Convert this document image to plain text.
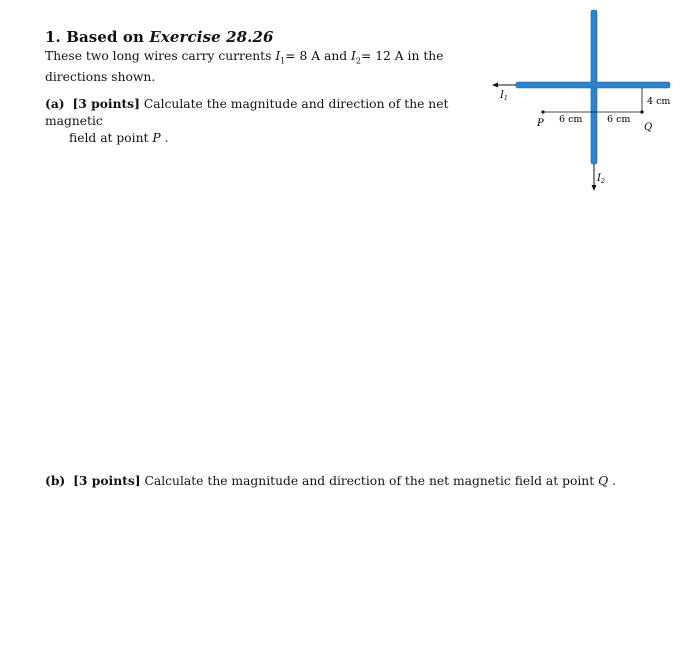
1. Based on Exercise 28.26
These two long wires carry currents $I_1= 8$ A and $I_2= 12$ A in the directions shown.
(a) [3 points] Calculate the magnitude and direction of the net magnetic
field at point P .
$I_1$
$I_2$
P 6 cm	6 cm
Q
4 cm
(b) [3 points] Calculate the magnitude and direction of the net magnetic field at point Q .
